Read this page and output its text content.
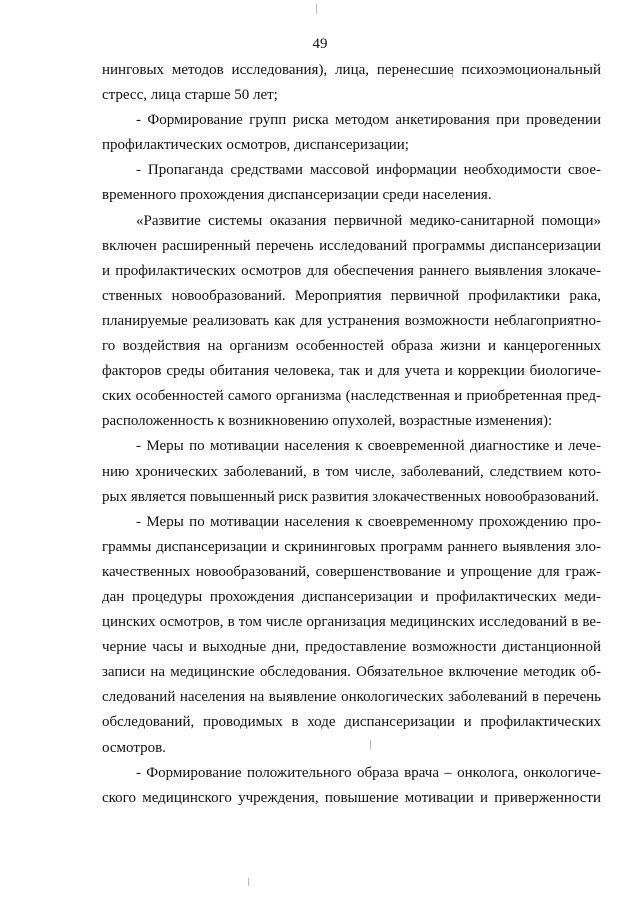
49
нинговых методов исследования), лица, перенесшие психоэмоциональный
стресс, лица старше 50 лет;
- Формирование групп риска методом анкетирования при проведении
профилактических осмотров, диспансеризации;
- Пропаганда средствами массовой информации необходимости свое-
временного прохождения диспансеризации среди населения.
«Развитие системы оказания первичной медико-санитарной помощи»
включен расширенный перечень исследований программы диспансеризации
и профилактических осмотров для обеспечения раннего выявления злокаче-
ственных новообразований. Мероприятия первичной профилактики рака,
планируемые реализовать как для устранения возможности неблагоприятно-
го воздействия на организм особенностей образа жизни и канцерогенных
факторов среды обитания человека, так и для учета и коррекции биологиче-
ских особенностей самого организма (наследственная и приобретенная пред-
расположенность к возникновению опухолей, возрастные изменения):
- Меры по мотивации населения к своевременной диагностике и лече-
нию хронических заболеваний, в том числе, заболеваний, следствием кото-
рых является повышенный риск развития злокачественных новообразований.
- Меры по мотивации населения к своевременному прохождению про-
граммы диспансеризации и скрининговых программ раннего выявления зло-
качественных новообразований, совершенствование и упрощение для граж-
дан процедуры прохождения диспансеризации и профилактических меди-
цинских осмотров, в том числе организация медицинских исследований в ве-
черние часы и выходные дни, предоставление возможности дистанционной
записи на медицинские обследования. Обязательное включение методик об-
следований населения на выявление онкологических заболеваний в перечень
обследований, проводимых в ходе диспансеризации и профилактических
осмотров.
- Формирование положительного образа врача – онколога, онкологиче-
ского медицинского учреждения, повышение мотивации и приверженности
